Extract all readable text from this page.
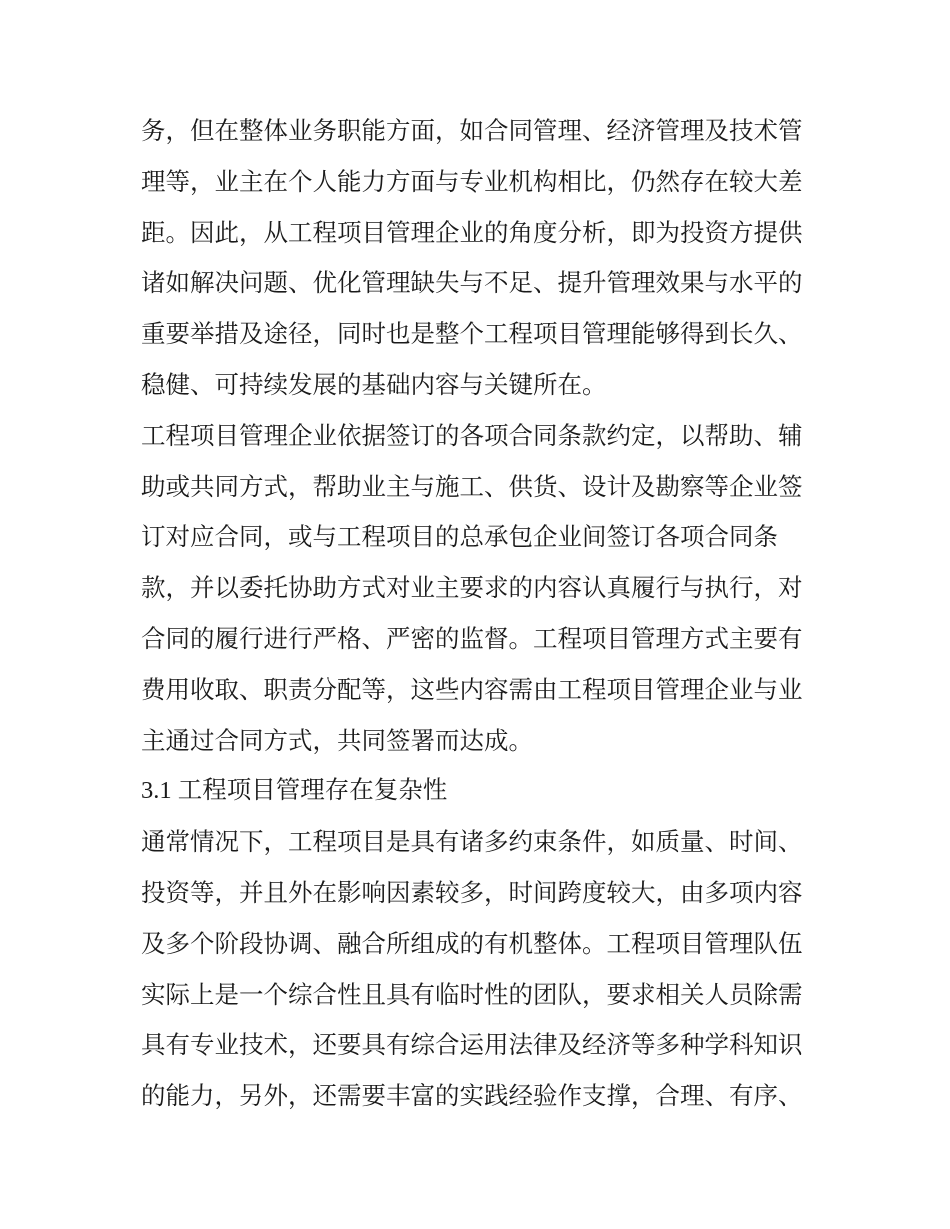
务，但在整体业务职能方面，如合同管理、经济管理及技术管
理等，业主在个人能力方面与专业机构相比，仍然存在较大差
距。因此，从工程项目管理企业的角度分析，即为投资方提供
诸如解决问题、优化管理缺失与不足、提升管理效果与水平的
重要举措及途径，同时也是整个工程项目管理能够得到长久、
稳健、可持续发展的基础内容与关键所在。
工程项目管理企业依据签订的各项合同条款约定，以帮助、辅
助或共同方式，帮助业主与施工、供货、设计及勘察等企业签
订对应合同，或与工程项目的总承包企业间签订各项合同条
款，并以委托协助方式对业主要求的内容认真履行与执行，对
合同的履行进行严格、严密的监督。工程项目管理方式主要有
费用收取、职责分配等，这些内容需由工程项目管理企业与业
主通过合同方式，共同签署而达成。
3.1 工程项目管理存在复杂性
通常情况下，工程项目是具有诸多约束条件，如质量、时间、
投资等，并且外在影响因素较多，时间跨度较大，由多项内容
及多个阶段协调、融合所组成的有机整体。工程项目管理队伍
实际上是一个综合性且具有临时性的团队，要求相关人员除需
具有专业技术，还要具有综合运用法律及经济等多种学科知识
的能力，另外，还需要丰富的实践经验作支撑，合理、有序、
